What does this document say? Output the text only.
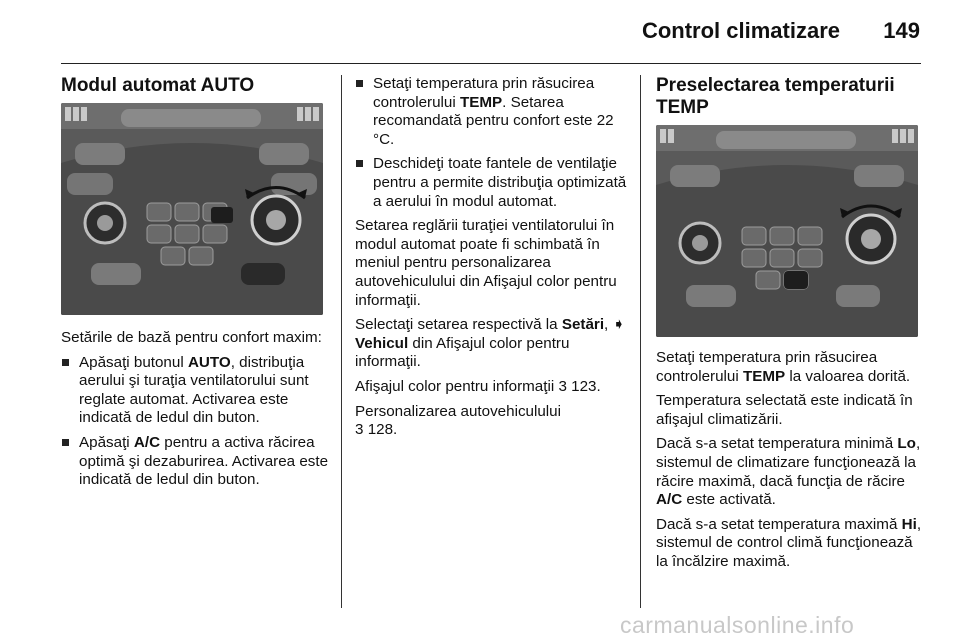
Control climatizare 149
Modul automat AUTO

Setările de bază pentru confort maxim:

Apăsaţi butonul AUTO, distribuţia aerului şi turaţia ventilatorului sunt reglate automat. Activarea este indicată de ledul din buton.
Apăsaţi A/C pentru a activa răcirea optimă şi dezaburirea. Activarea este indicată de ledul din buton.
Setaţi temperatura prin răsucirea controlerului TEMP. Setarea recomandată pentru confort este 22 °C.
Deschideţi toate fantele de ventilaţie pentru a permite distribuţia optimizată a aerului în modul automat.

Setarea reglării turaţiei ventilatorului în modul automat poate fi schimbată în meniul pentru personalizarea autovehiculului din Afişajul color pentru informaţii.

Selectaţi setarea respectivă la Setări, ➧ Vehicul din Afişajul color pentru informaţii.

Afişajul color pentru informaţii 3 123.

Personalizarea autovehiculului
3 128.

Preselectarea temperaturii TEMP

Setaţi temperatura prin răsucirea controlerului TEMP la valoarea dorită.

Temperatura selectată este indicată în afişajul climatizării.

Dacă s-a setat temperatura minimă Lo, sistemul de climatizare funcţionează la răcire maximă, dacă funcţia de răcire A/C este activată.

Dacă s-a setat temperatura maximă Hi, sistemul de control climă funcţionează la încălzire maximă.

carmanualsonline.info
